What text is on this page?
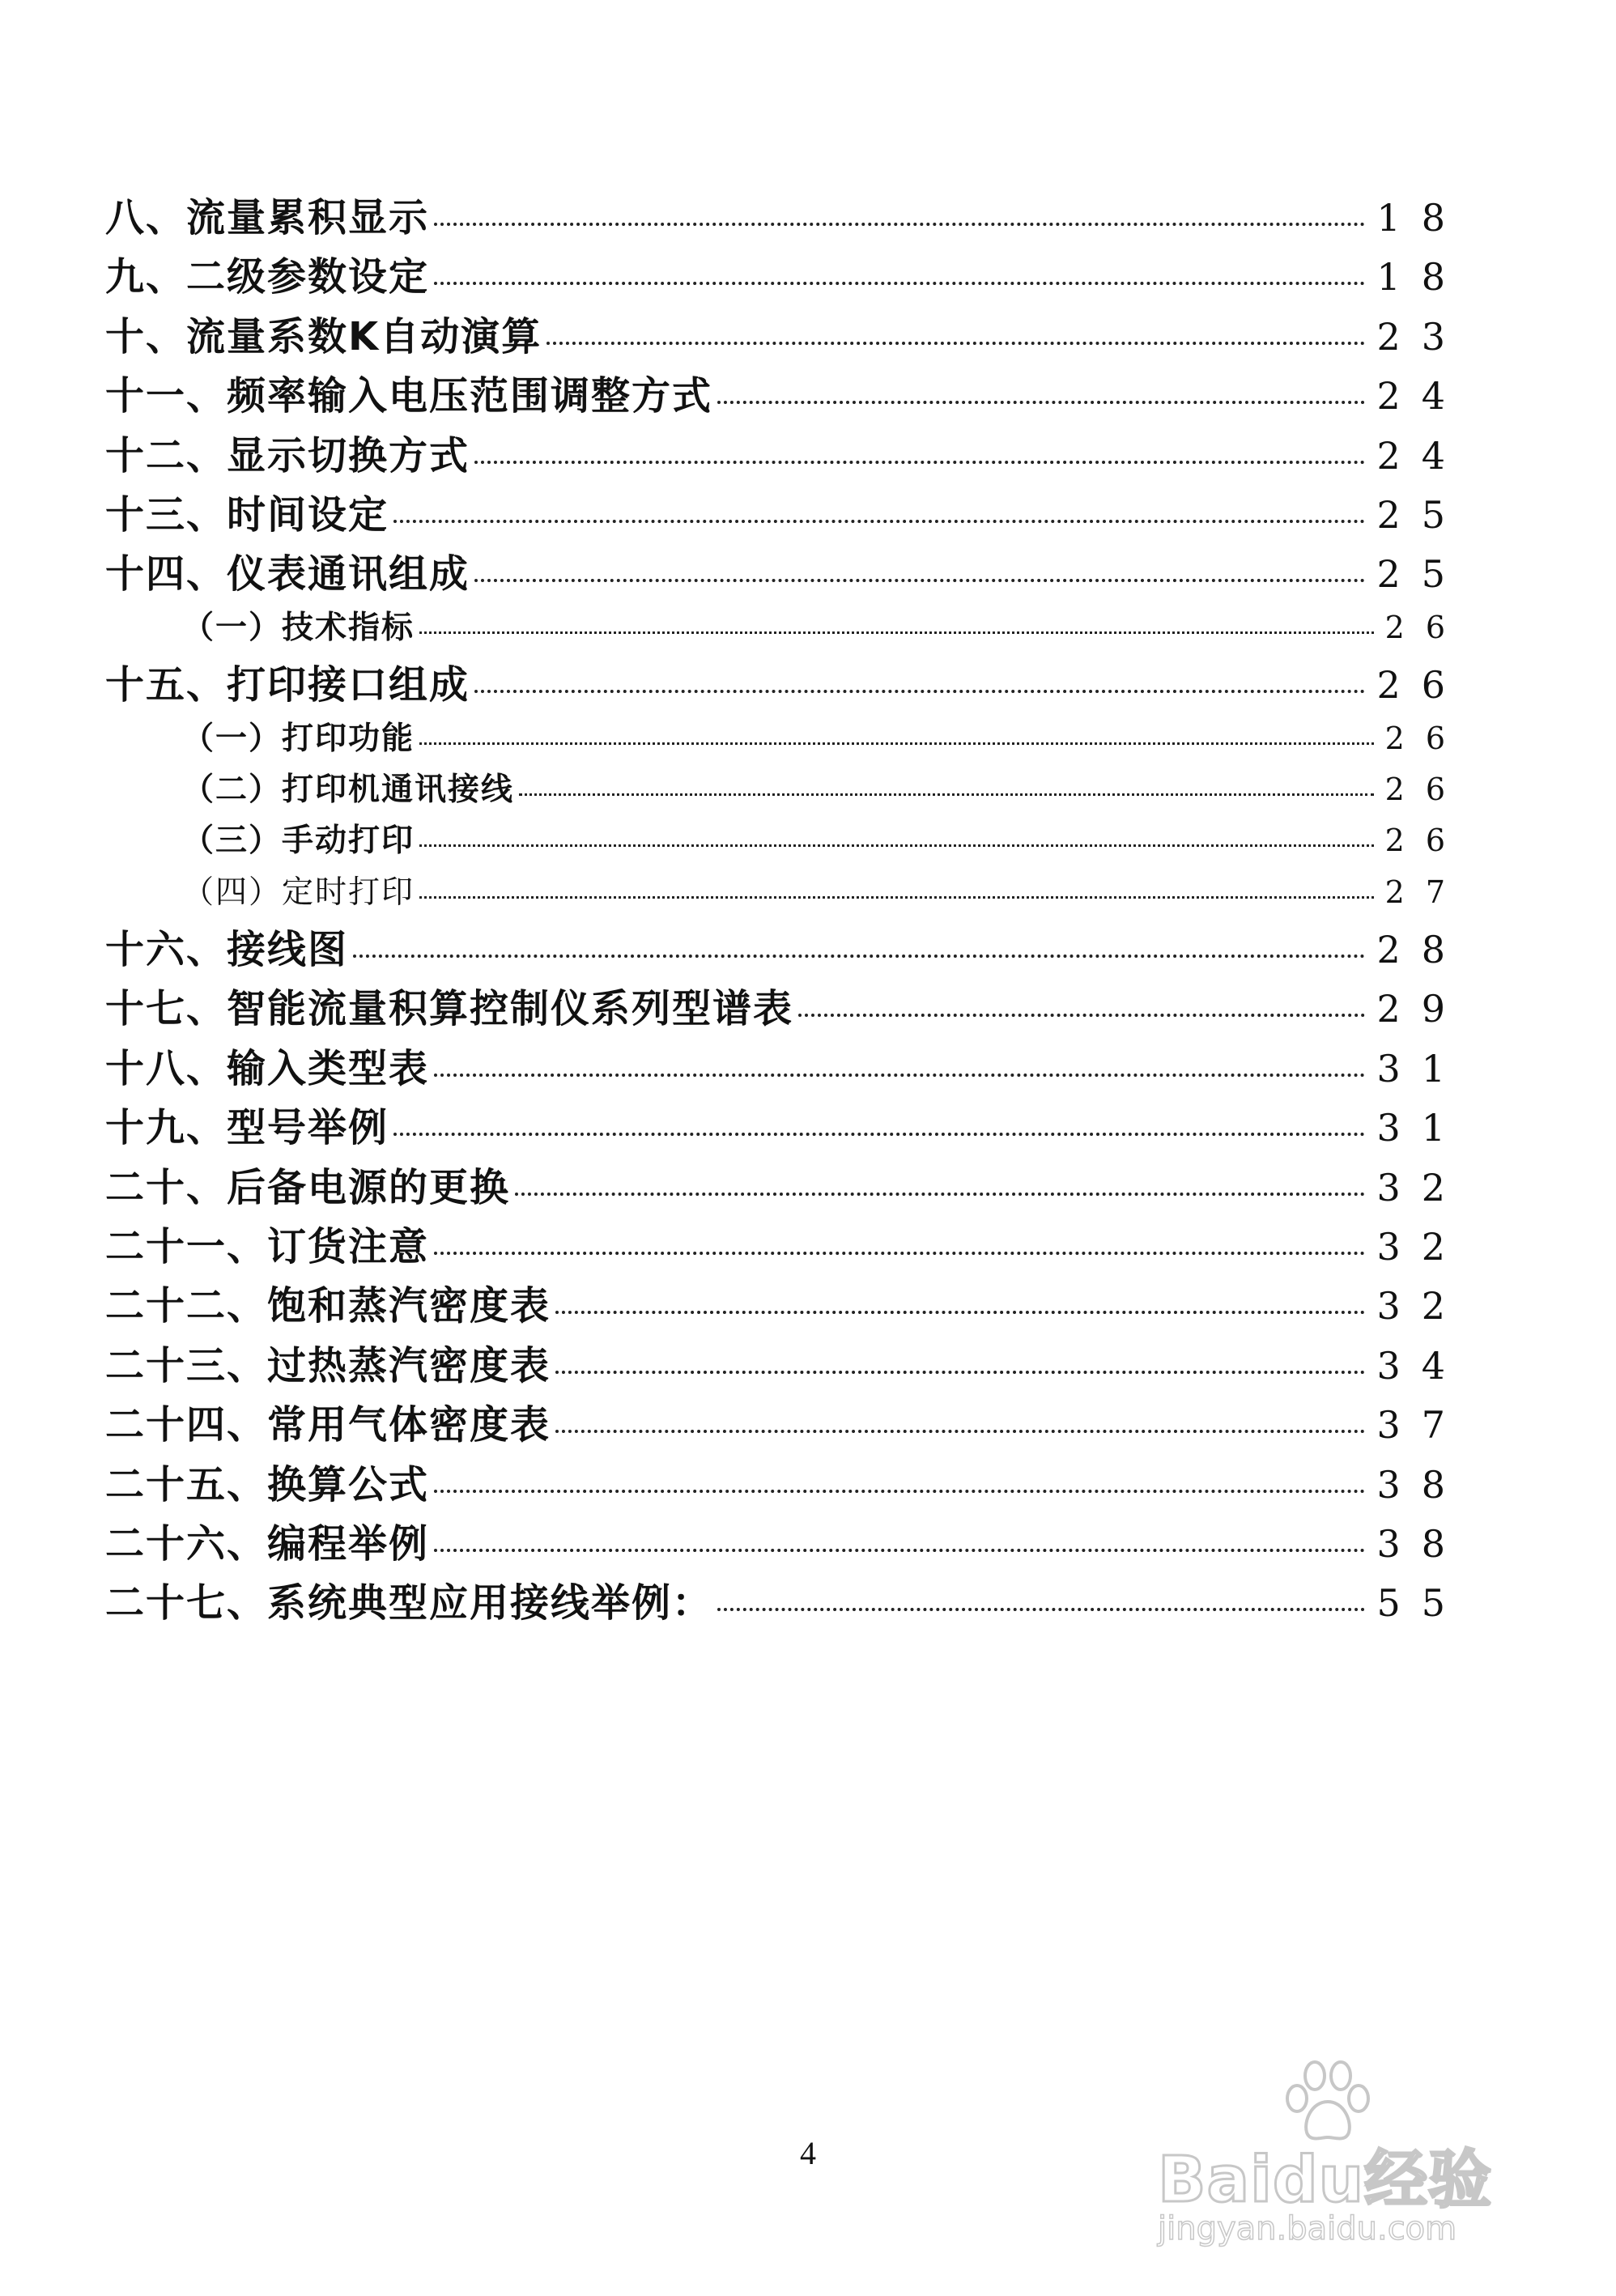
八、流量累积显示	18
九、二级参数设定	18
十、流量系数K自动演算	23
十一、频率输入电压范围调整方式	24
十二、显示切换方式	24
十三、时间设定	25
十四、仪表通讯组成	25
（一）技术指标	26
十五、打印接口组成	26
（一）打印功能	26
（二）打印机通讯接线	26
（三）手动打印	26
（四）定时打印	27
十六、接线图	28
十七、智能流量积算控制仪系列型谱表	29
十八、输入类型表	31
十九、型号举例	31
二十、后备电源的更换	32
二十一、订货注意	32
二十二、饱和蒸汽密度表	32
二十三、过热蒸汽密度表	34
二十四、常用气体密度表	37
二十五、换算公式	38
二十六、编程举例	38
二十七、系统典型应用接线举例：	55
4	Baidu经验
jingyan.baidu.com
